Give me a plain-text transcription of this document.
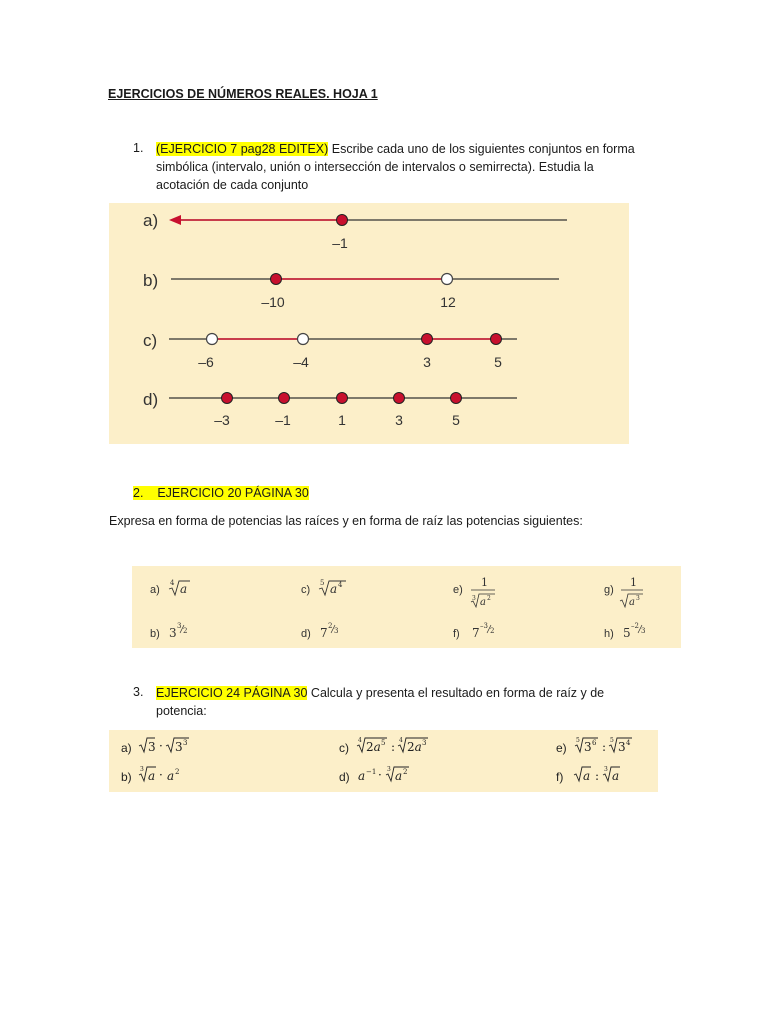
EJERCICIOS DE NÚMEROS REALES. HOJA 1
1. (EJERCICIO 7 pag28 EDITEX) Escribe cada uno de los siguientes conjuntos en forma
simbólica (intervalo, unión o intersección de intervalos o semirrecta). Estudia la
acotación de cada conjunto
a)
–1
b)
–10	12
c)
–6	–4	3	5
d)
–3	–1	1	3	5
2. EJERCICIO 20 PÁGINA 30
Expresa en forma de potencias las raíces y en forma de raíz las potencias siguientes:
a)
4 a
b) 3 3
2
c)
5 a 4
d) 7 2
3
e)
1
3 a 2
f) 7 –3
2
g)
1
a 3
h) 5 –2
3
3. EJERCICIO 24 PÁGINA 30 Calcula y presenta el resultado en forma de raíz y de
potencia:
a) 3 · 3 3
b)
3 a · a 2
c)
4 2a 5 : 4 2a 3
d) a −1 · 3 a 2
e)
5 3 6 : 5 3 4
f) a : 3 a
